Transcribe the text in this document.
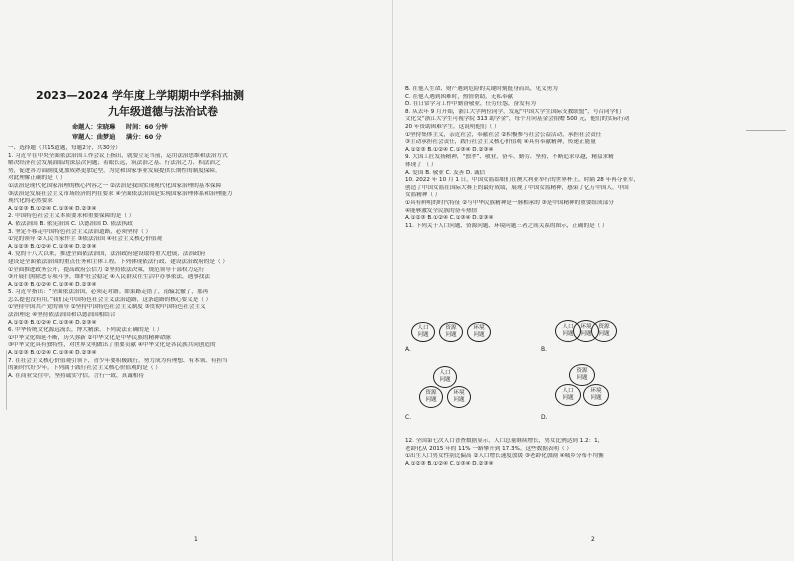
2023—2024 学年度上学期期中学科抽测
九年级道德与法治试卷
命题人：宋晓琳
审题人：曲梦迪
时间：60 分钟
满分：60 分
一、选择题（共15道题，每题2分，共30分）
1. 习近平在中央全面依法治国工作会议上指出，就要立足当前，运用法治思维和法治方式
解决经济社会发展面临的深层次问题；着眼长远，筑法治之基、行法治之力、积法治之
势，促进各方面制度更加成熟更加定型，为党和国家事业发展提供长期性的制度保障。
对此理解正确的是（ ）
①法治是现代化国家治理的核心内容之一 ②法治是我国实现现代化国家治理的基本保障
③法治是发展社会主义市场经济的内在要求 ④全面依法治国是实现国家治理体系和治理能力
现代化的必然要求
A.①②③ B.①②④ C.①③④ D.②③④
2. 中国特色社会主义本质要求和重要保障的是（ ）
A. 依法治国 B. 依宪治国 C. 以德治国 D. 依法执政
3. 坚定不移走中国特色社会主义法治道路，必须坚持（ ）
①党的领导 ②人民当家作主 ③依法治国 ④社会主义核心价值观
A.①②③ B.①②④ C.①③④ D.②③④
4. 党的十八大以来，推进全面依法治国，法治政府建设取得重大进展，法治政府
建设是全面依法治国的重点任务和主体工程。下列体现依法行政、建设法治政府的是（ ）
①全面推进政务公开，提高政府公信力 ②坚持依法决策，规范领导干部权力运行
③开展扫黑除恶专项斗争，维护社会稳定 ④人民群众在生活中办事依法，遇事找法
A.①②③ B.①②④ C.①③④ D.②③④
5. 习近平指出：“全面依法治国，必须走对路。如果路走错了，南辕北辙了，那再
怎么提也没有用。”我们走中国特色社会主义法治道路，这条道路的核心要义是（ ）
①坚持中国共产党的领导 ②坚持中国特色社会主义制度 ③贯彻中国特色社会主义
法治理论 ④坚持依法治国和以德治国相结合
A.①②③ B.①②④ C.①③④ D.②③④
6. 中华传统文化源远流长，博大精深。下列说法正确的是（ ）
①中华文化绵延不断，历久弥新 ②中华文化是中华民族的精神命脉
③中华文化具有独特性，对世界文明做出了重要贡献 ④中华文化是各民族共同创造的
A.①②③ B.①②④ C.①③④ D.②③④
7. 在社会主义核心价值观引领下，青少年要积极践行，努力成为有理想、有本领、有担当
的新时代好少年。下列属于践行社会主义核心价值观的是（ ）
A. 在商业交往中，坚持诚实守信，言行一致，真诚相待
1
B. 在他人生命、财产遇到危险的关键时刻挺身而出，见义勇为
C. 在他人遇到困难时，热情帮助，无私奉献
D. 在日常学习工作中勤奋敬业，任劳任怨，奋发有为
8. 从去年 9 月开始，浙江大学两位同学，发起“中国大学生国际支教联盟”，号召同学们
文化交“浙江大学生可视学院 313 助学金”，每个月向基金会捐赠 500 元，他们的实际行动
20 年资助困难学生。这说明他们（ ）
①坚持集体主义，亲近社会，奉献社会 ②积极参与社会公益活动，承担社会责任
③主动承担社会责任，践行社会主义核心价值观 ④具有奉献精神，传递正能量
A.①②③ B.①②④ C.①③④ D.②③④
9. 大国工匠发扬精神，“独孝”、敬业，奋斗、勤劳、坚持，不断追求卓越，精益求精
体现了 （ ）
A. 爱国 B. 敬业 C. 友善 D. 诚信
10. 2022 年 10 月 1 日，中国女篮姑娘们在澳大利亚举行的世界杯上，时隔 28 年再夺亚军，
创造了中国女篮在国际大赛上的最好成绩，展现了中国女篮精神，感染了亿万中国人。中国
女篮精神（ ）
①具有鲜明的时代特征 ②与中华民族精神是一脉相承的 ③是中国精神的重要组成部分
④能够激发全民族的奋斗热情
A.①②③ B.①②④ C.①③④ D.②③④
11. 下列关于人口问题、资源问题、环境问题三者之间关系的图示，正确的是（ ）
A.
人口
问题
资源
问题
环境
问题
B.
人口
问题
环境
问题
资源
问题
C.
人口
问题
资源
问题
环境
问题
D.
资源
问题
人口
问题
环境
问题
12. 全国第七次人口普查数据显示，人口总量继续增长，男女比例达到 1.2：1，
老龄化从 2015 年的 11% 一路攀升到 17.3%。这些数据表明（ ）
①出生人口男女性别比偏高 ②人口增长速度放缓 ③老龄化加剧 ④城乡分布不均衡
A.①②③ B.①②④ C.①③④ D.②③④
2
